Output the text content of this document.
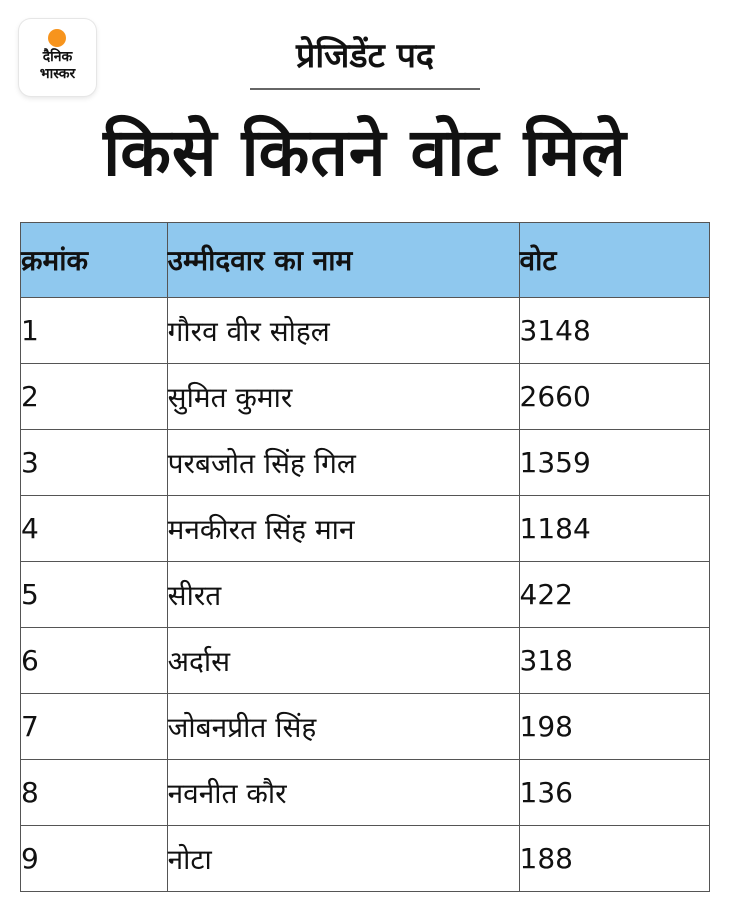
दैनिक
भास्कर	प्रेजिडेंट पद
किसे कितने वोट मिले
क्रमांक	उम्मीदवार का नाम	वोट
1	गौरव वीर सोहल	3148
2	सुमित कुमार	2660
3	परबजोत सिंह गिल	1359
4	मनकीरत सिंह मान	1184
5	सीरत	422
6	अर्दास	318
7	जोबनप्रीत सिंह	198
8	नवनीत कौर	136
9	नोटा	188
